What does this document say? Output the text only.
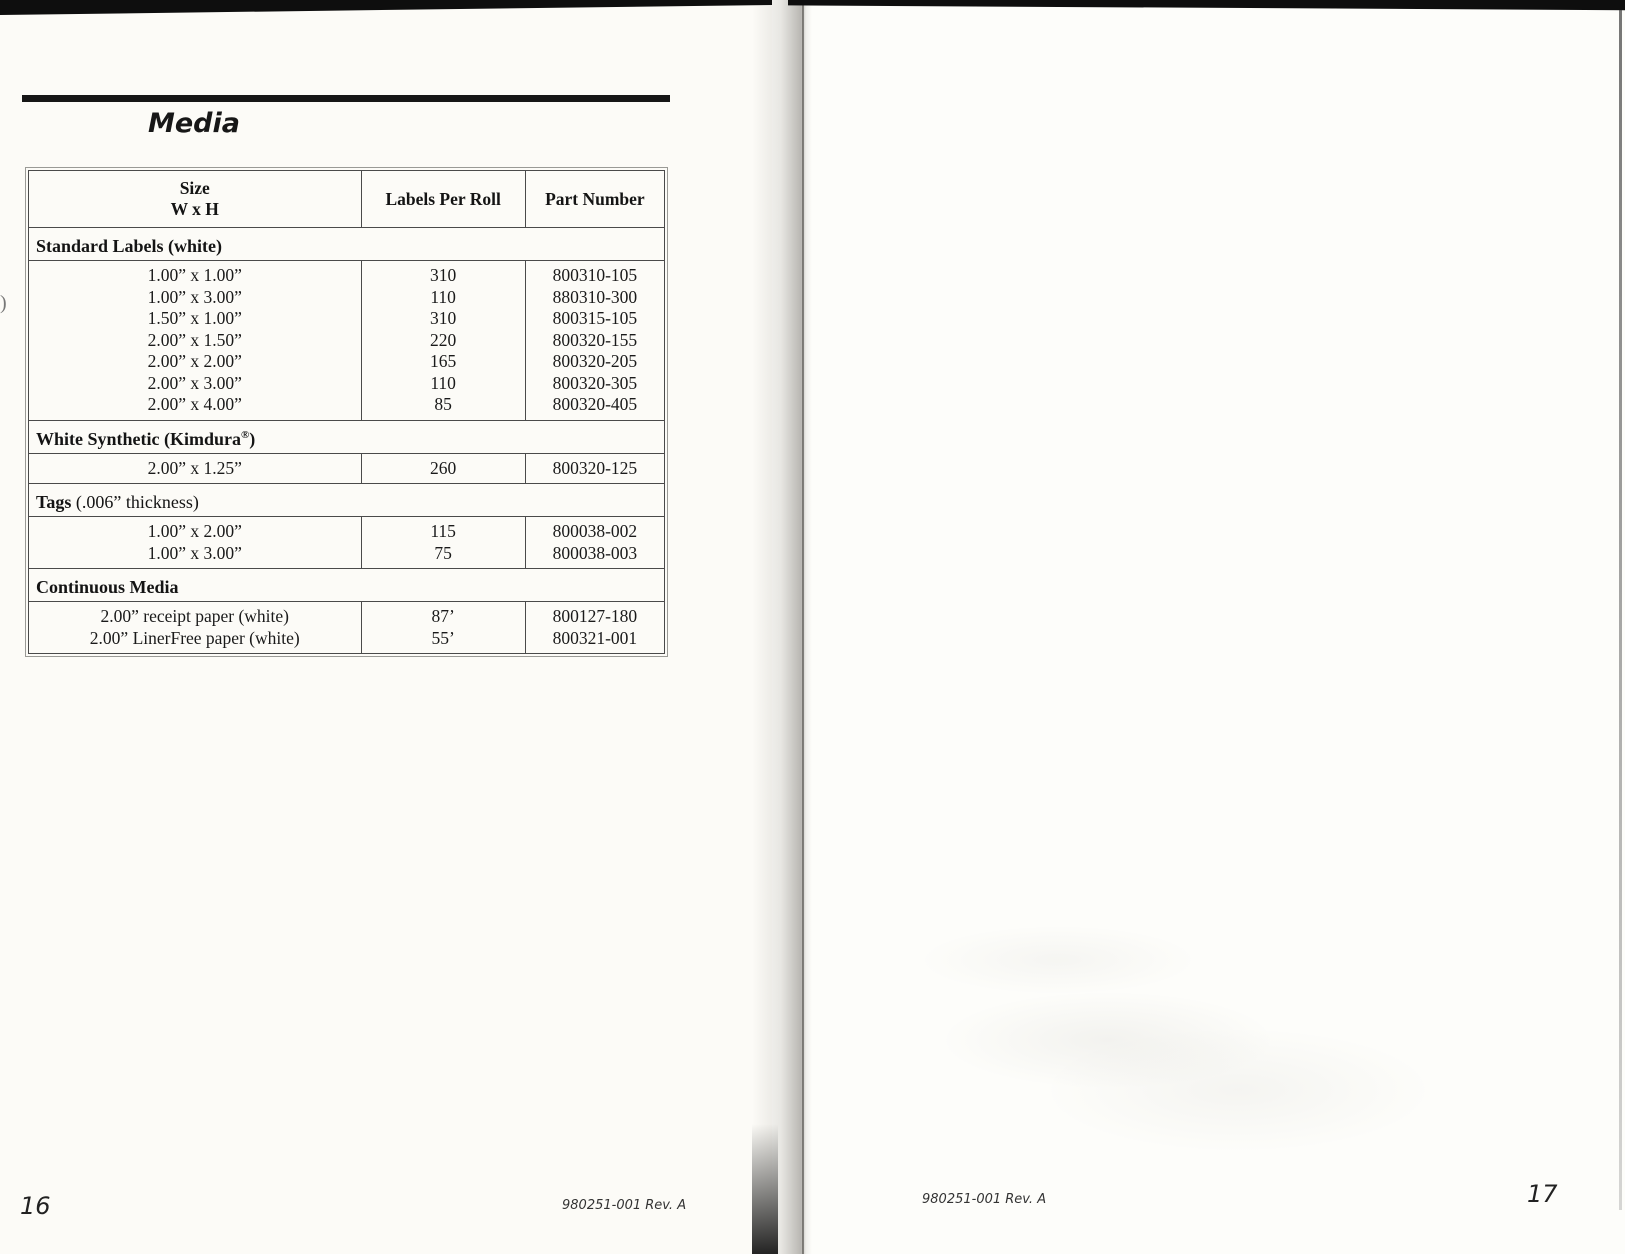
Media
Size
W x H	Labels Per Roll	Part Number
Standard Labels (white)		
1.00” x 1.00”	310	800310-105
1.00” x 3.00”	110	880310-300
1.50” x 1.00”	310	800315-105
2.00” x 1.50”	220	800320-155
2.00” x 2.00”	165	800320-205
2.00” x 3.00”	110	800320-305
2.00” x 4.00”	85	800320-405
White Synthetic (Kimdura®)		
2.00” x 1.25”	260	800320-125
Tags (.006” thickness)		
1.00” x 2.00”	115	800038-002
1.00” x 3.00”	75	800038-003
Continuous Media		
2.00” receipt paper (white)	87’	800127-180
2.00” LinerFree paper (white)	55’	800321-001
16	980251-001 Rev. A
)
980251-001 Rev. A	17
